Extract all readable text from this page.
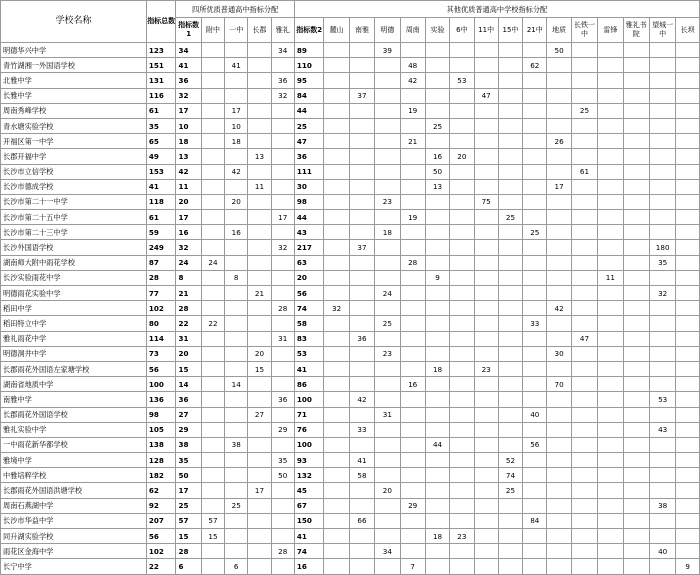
学校名称	指标总数	四所优质普通高中指标分配					其他优质普通高中学校指标分配															
		指标数1	附中	一中	长郡	雅礼	指标数2	麓山	南雅	明德	周南	实验	6中	11中	15中	21中	地质	长铁一中	雷锋	雅礼书院	望城一中	长坝
明德华兴中学	123	34				34	89			39							50					
青竹湖湘一外国语学校	151	41		41			110				48					62						
北雅中学	131	36				36	95				42		53									
长雅中学	116	32				32	84		37					47								
周南秀峰学校	61	17		17			44				19							25				
青水塘实验学校	35	10		10			25					25										
开福区第一中学	65	18		18			47				21						26					
长郡开福中学	49	13			13		36					16	20									
长沙市立信学校	153	42		42			111					50						61				
长沙市德成学校	41	11			11		30					13					17					
长沙市第二十一中学	118	20		20			98			23				75								
长沙市第二十五中学	61	17				17	44				19				25							
长沙市第二十三中学	59	16		16			43			18						25						
长沙外国语学校	249	32				32	217		37												180	
湖南师大附中雨花学校	87	24	24				63				28										35	
长沙实验雨花中学	28	8		8			20					9							11			
明德雨花实验中学	77	21			21		56			24											32	
稻田中学	102	28				28	74	32									42					
稻田特立中学	80	22	22				58			25						33						
雅礼雨花中学	114	31				31	83		36									47				
明德洞井中学	73	20			20		53			23							30					
长郡雨花外国语左家塘学校	56	15			15		41					18		23								
湖南省地质中学	100	14		14			86				16						70					
南雅中学	136	36				36	100		42												53	
长郡雨花外国语学校	98	27			27		71			31						40						
雅礼实验中学	105	29				29	76		33												43	
一中雨花新华都学校	138	38		38			100					44				56						
雅境中学	128	35				35	93		41						52							
中雅培粹学校	182	50				50	132		58						74							
长郡雨花外国语洪塘学校	62	17			17		45			20					25							
周南石燕湖中学	92	25		25			67				29										38	
长沙市华益中学	207	57	57				150		66							84						
同升湖实验学校	56	15	15				41					18	23									
雨花区金海中学	102	28				28	74			34											40	
长宁中学	22	6		6			16				7											9
